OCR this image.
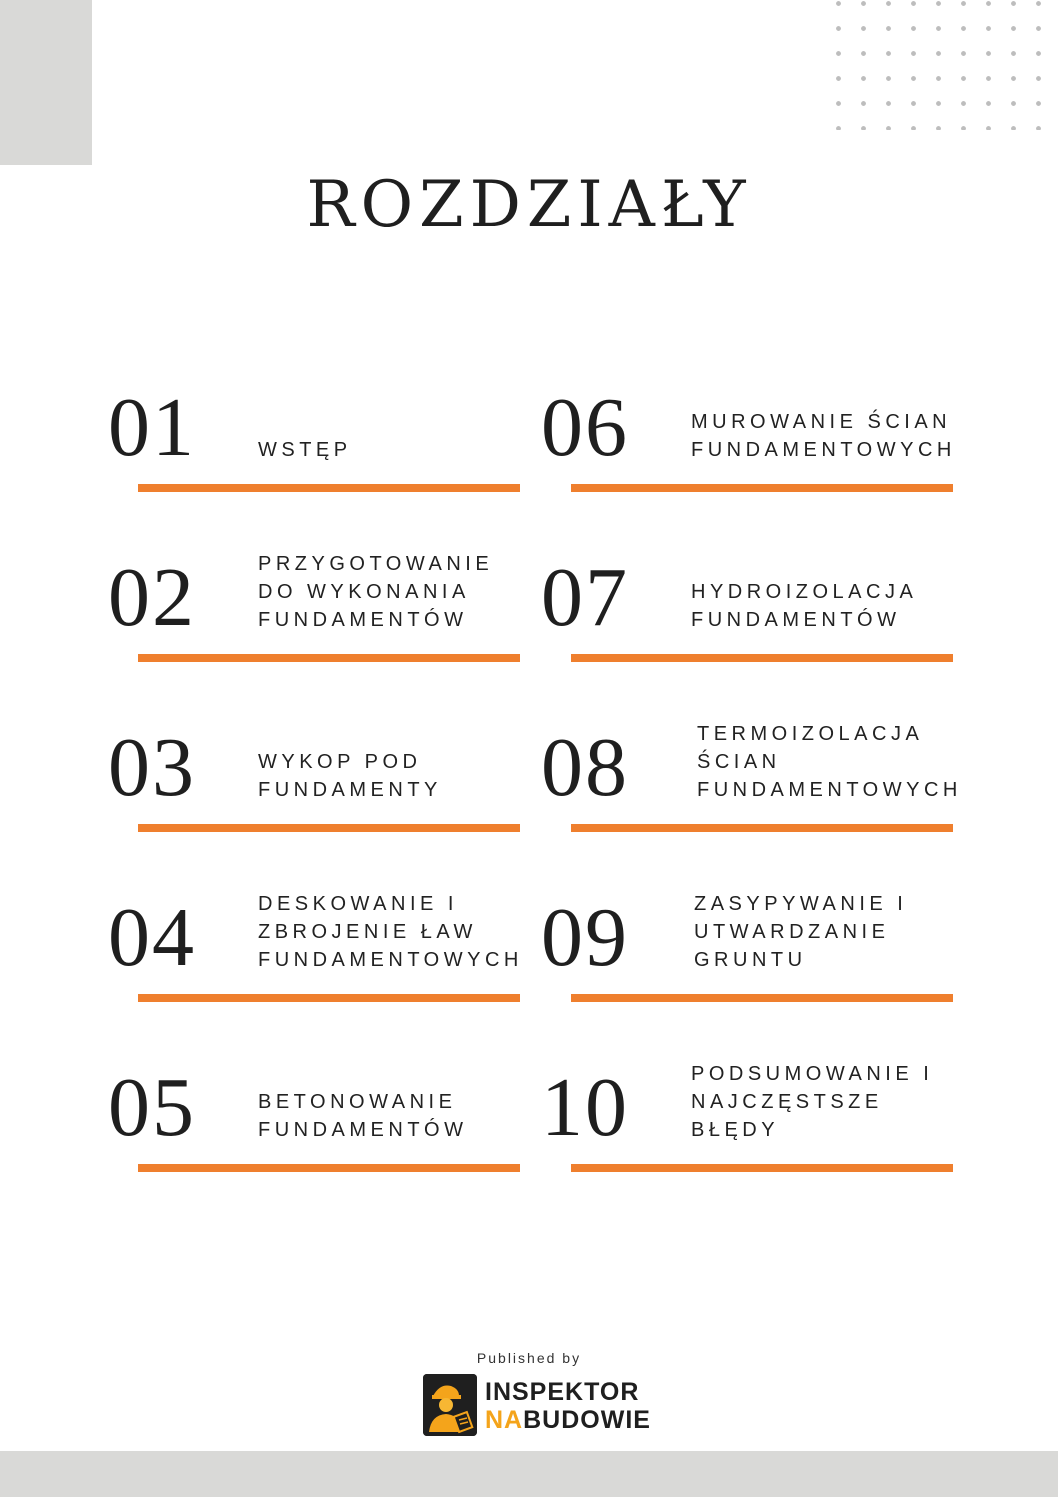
ROZDZIAŁY
01	WSTĘP
02	PRZYGOTOWANIE
DO WYKONANIA
FUNDAMENTÓW
03	WYKOP POD
FUNDAMENTY
04	DESKOWANIE I
ZBROJENIE ŁAW
FUNDAMENTOWYCH
05	BETONOWANIE
FUNDAMENTÓW
06	MUROWANIE ŚCIAN
FUNDAMENTOWYCH
07	HYDROIZOLACJA
FUNDAMENTÓW
08	TERMOIZOLACJA
ŚCIAN
FUNDAMENTOWYCH
09	ZASYPYWANIE I
UTWARDZANIE
GRUNTU
10	PODSUMOWANIE I
NAJCZĘSTSZE
BŁĘDY
Published by
INSPEKTOR
NABUDOWIE
